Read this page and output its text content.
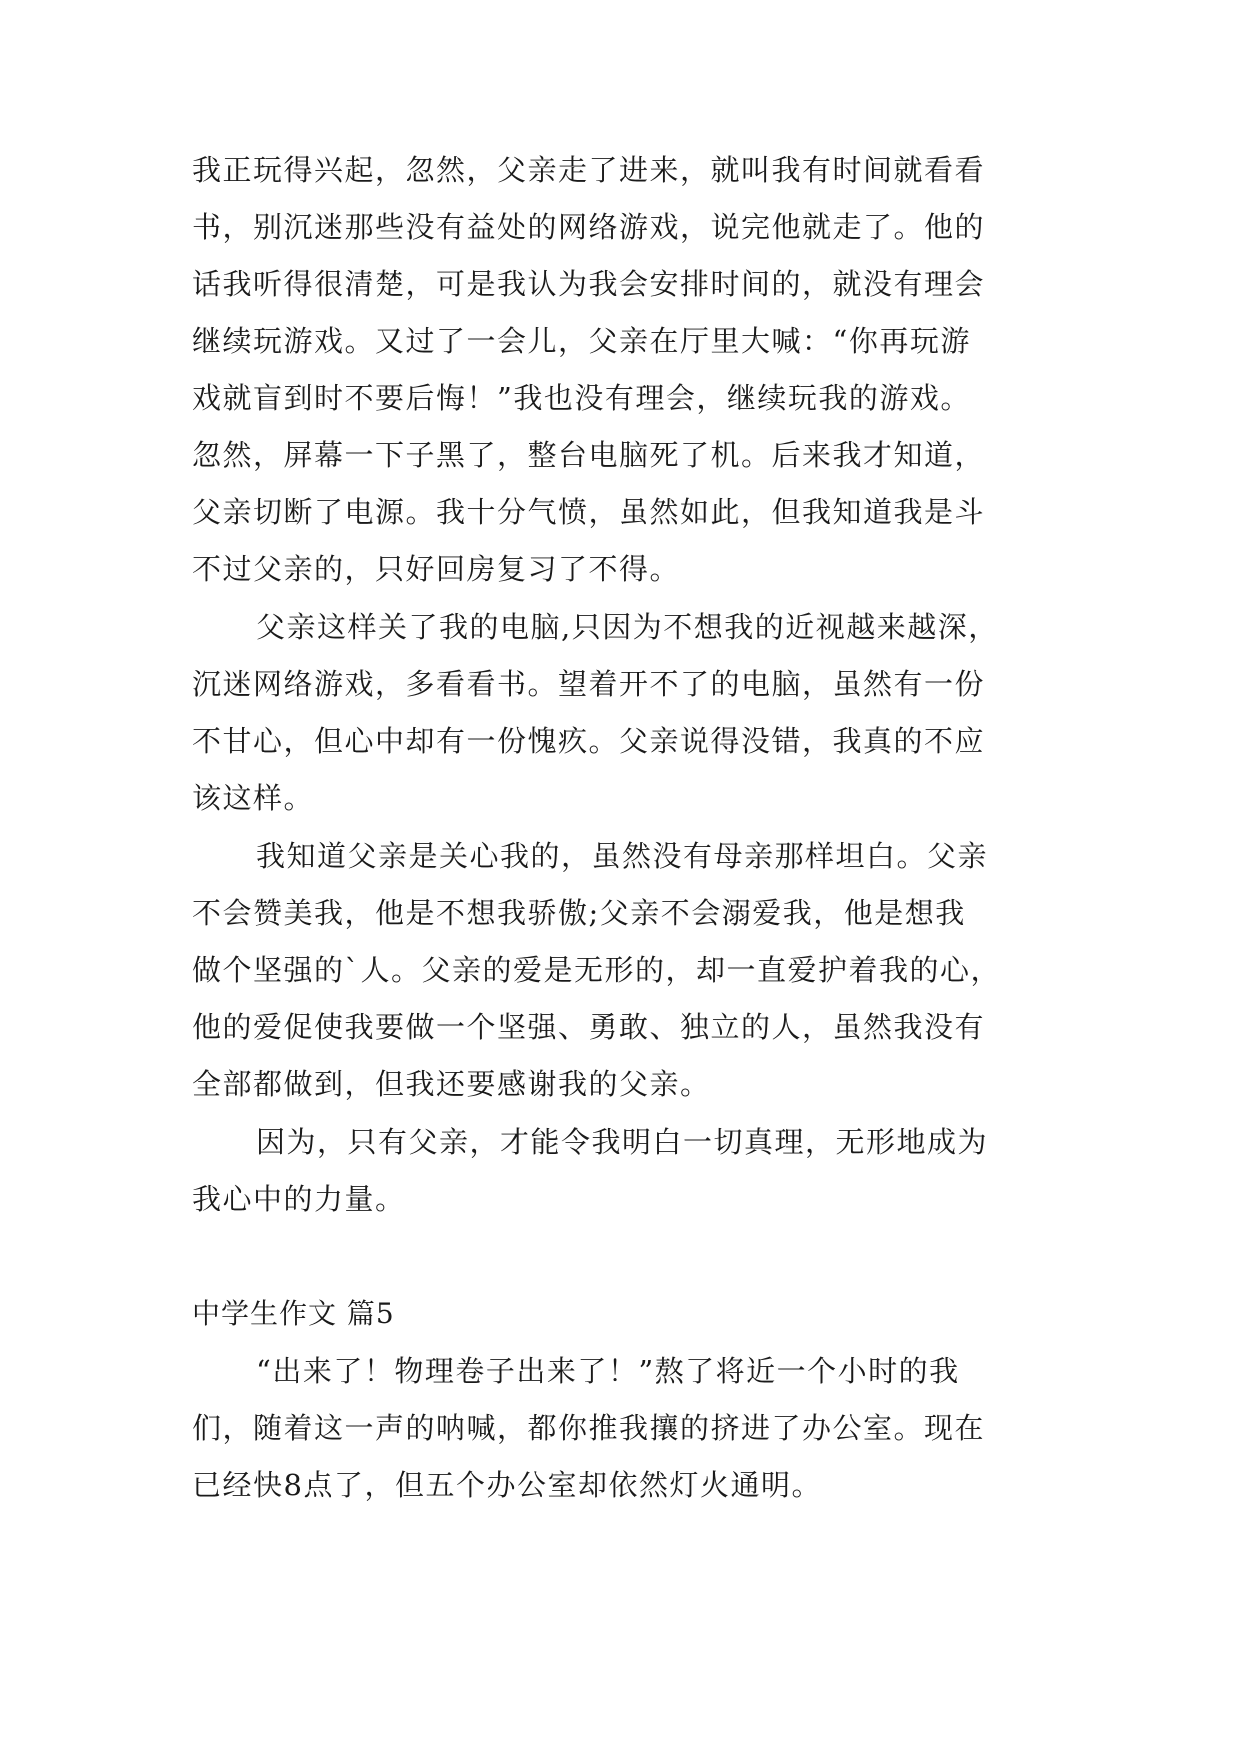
我正玩得兴起，忽然，父亲走了进来，就叫我有时间就看看
书，别沉迷那些没有益处的网络游戏，说完他就走了。他的
话我听得很清楚，可是我认为我会安排时间的，就没有理会
继续玩游戏。又过了一会儿，父亲在厅里大喊：“你再玩游
戏就盲到时不要后悔！”我也没有理会，继续玩我的游戏。
忽然，屏幕一下子黑了，整台电脑死了机。后来我才知道，
父亲切断了电源。我十分气愤，虽然如此，但我知道我是斗
不过父亲的，只好回房复习了不得。
父亲这样关了我的电脑,只因为不想我的近视越来越深，
沉迷网络游戏，多看看书。望着开不了的电脑，虽然有一份
不甘心，但心中却有一份愧疚。父亲说得没错，我真的不应
该这样。
我知道父亲是关心我的，虽然没有母亲那样坦白。父亲
不会赞美我，他是不想我骄傲;父亲不会溺爱我，他是想我
做个坚强的`人。父亲的爱是无形的，却一直爱护着我的心，
他的爱促使我要做一个坚强、勇敢、独立的人，虽然我没有
全部都做到，但我还要感谢我的父亲。
因为，只有父亲，才能令我明白一切真理，无形地成为
我心中的力量。
中学生作文 篇5
“出来了！物理卷子出来了！”熬了将近一个小时的我
们，随着这一声的呐喊，都你推我攘的挤进了办公室。现在
已经快8点了，但五个办公室却依然灯火通明。
